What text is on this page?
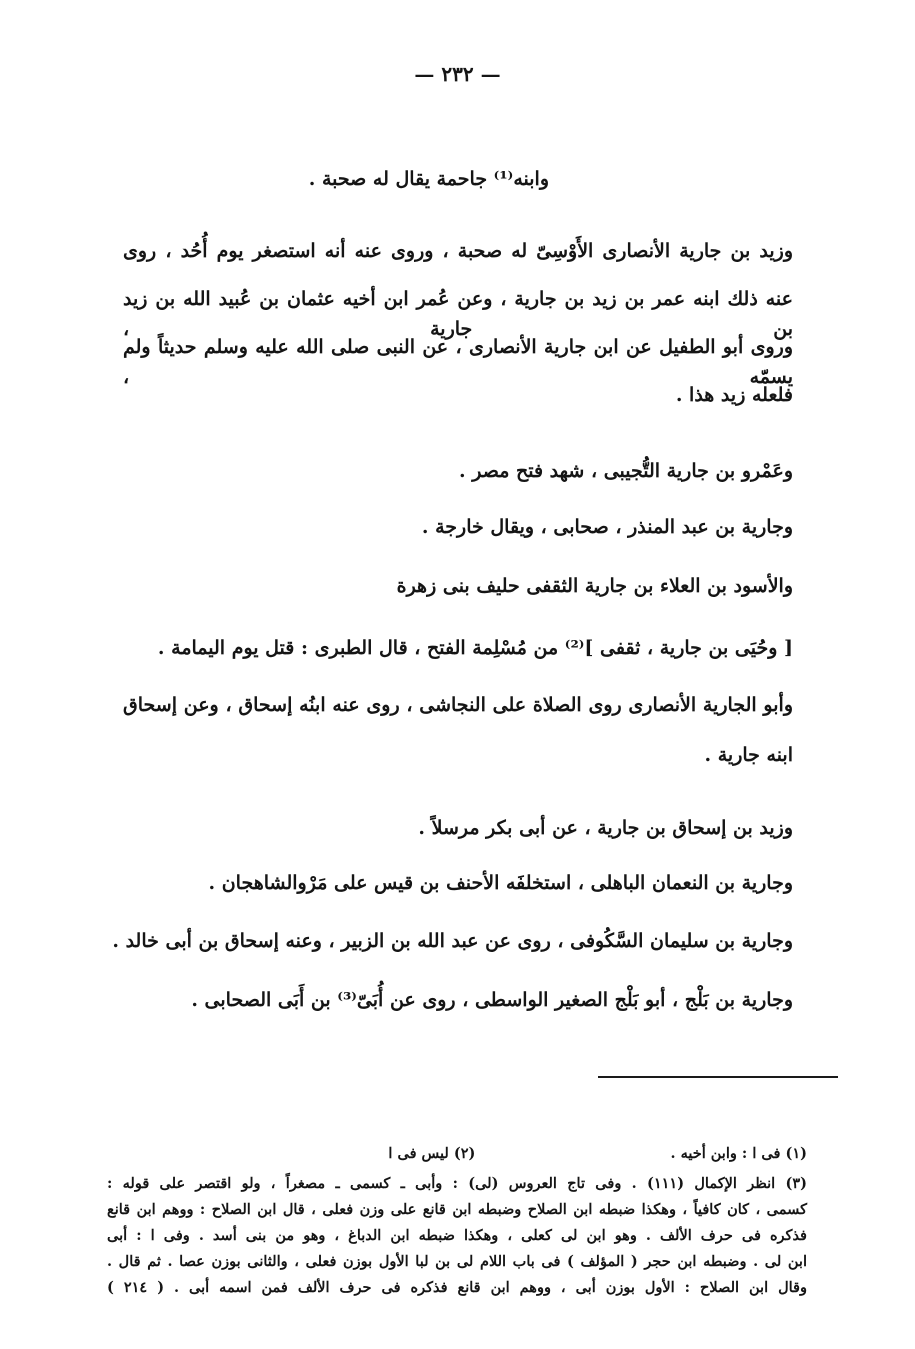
— ٢٣٢ —
وابنه⁽¹⁾ جاحمة يقال له صحبة .
وزيد بن جارية الأنصارى الأَوْسِىّ له صحبة ، وروى عنه أنه استصغر يوم أُحُد ، روى
عنه ذلك ابنه عمر بن زيد بن جارية ، وعن عُمر ابن أخيه عثمان بن عُبيد الله بن زيد بن جارية ،
وروى أبو الطفيل عن ابن جارية الأنصارى ، عن النبى صلى الله عليه وسلم حديثاً ولم يسمّه ،
فلعله زيد هذا .
وعَمْرو بن جارية التُّجيبى ، شهد فتح مصر .
وجارية بن عبد المنذر ، صحابى ، ويقال خارجة .
والأسود بن العلاء بن جارية الثقفى حليف بنى زهرة
[ وحُيَى بن جارية ، ثقفى ]⁽²⁾ من مُسْلِمة الفتح ، قال الطبرى : قتل يوم اليمامة .
وأبو الجارية الأنصارى روى الصلاة على النجاشى ، روى عنه ابنُه إسحاق ، وعن إسحاق
ابنه جارية .
وزيد بن إسحاق بن جارية ، عن أبى بكر مرسلاً .
وجارية بن النعمان الباهلى ، استخلفَه الأحنف بن قيس على مَرْوالشاهجان .
وجارية بن سليمان السَّكُوفى ، روى عن عبد الله بن الزبير ، وعنه إسحاق بن أبى خالد .
وجارية بن بَلْج ، أبو بَلْج الصغير الواسطى ، روى عن أُبَىّ⁽³⁾ بن أَبَى الصحابى .
(١) فى ا : وابن أخيه . (٢) ليس فى ا
(٣) انظر الإكمال (١١١) . وفى تاج العروس (لى) : وأبى ـ كسمى ـ مصغراً ، ولو اقتصر على قوله :
كسمى ، كان كافياً ، وهكذا ضبطه ابن الصلاح وضبطه ابن قانع على وزن فعلى ، قال ابن الصلاح : ووهم ابن قانع
فذكره فى حرف الألف . وهو ابن لى كعلى ، وهكذا ضبطه ابن الدباغ ، وهو من بنى أسد . وفى ا : أبى
ابن لى . وضبطه ابن حجر ( المؤلف ) فى باب اللام لى بن لبا الأول بوزن فعلى ، والثانى بوزن عصا . ثم قال .
وقال ابن الصلاح : الأول بوزن أبى ، ووهم ابن قانع فذكره فى حرف الألف فمن اسمه أبى . ( ٢١٤ )
